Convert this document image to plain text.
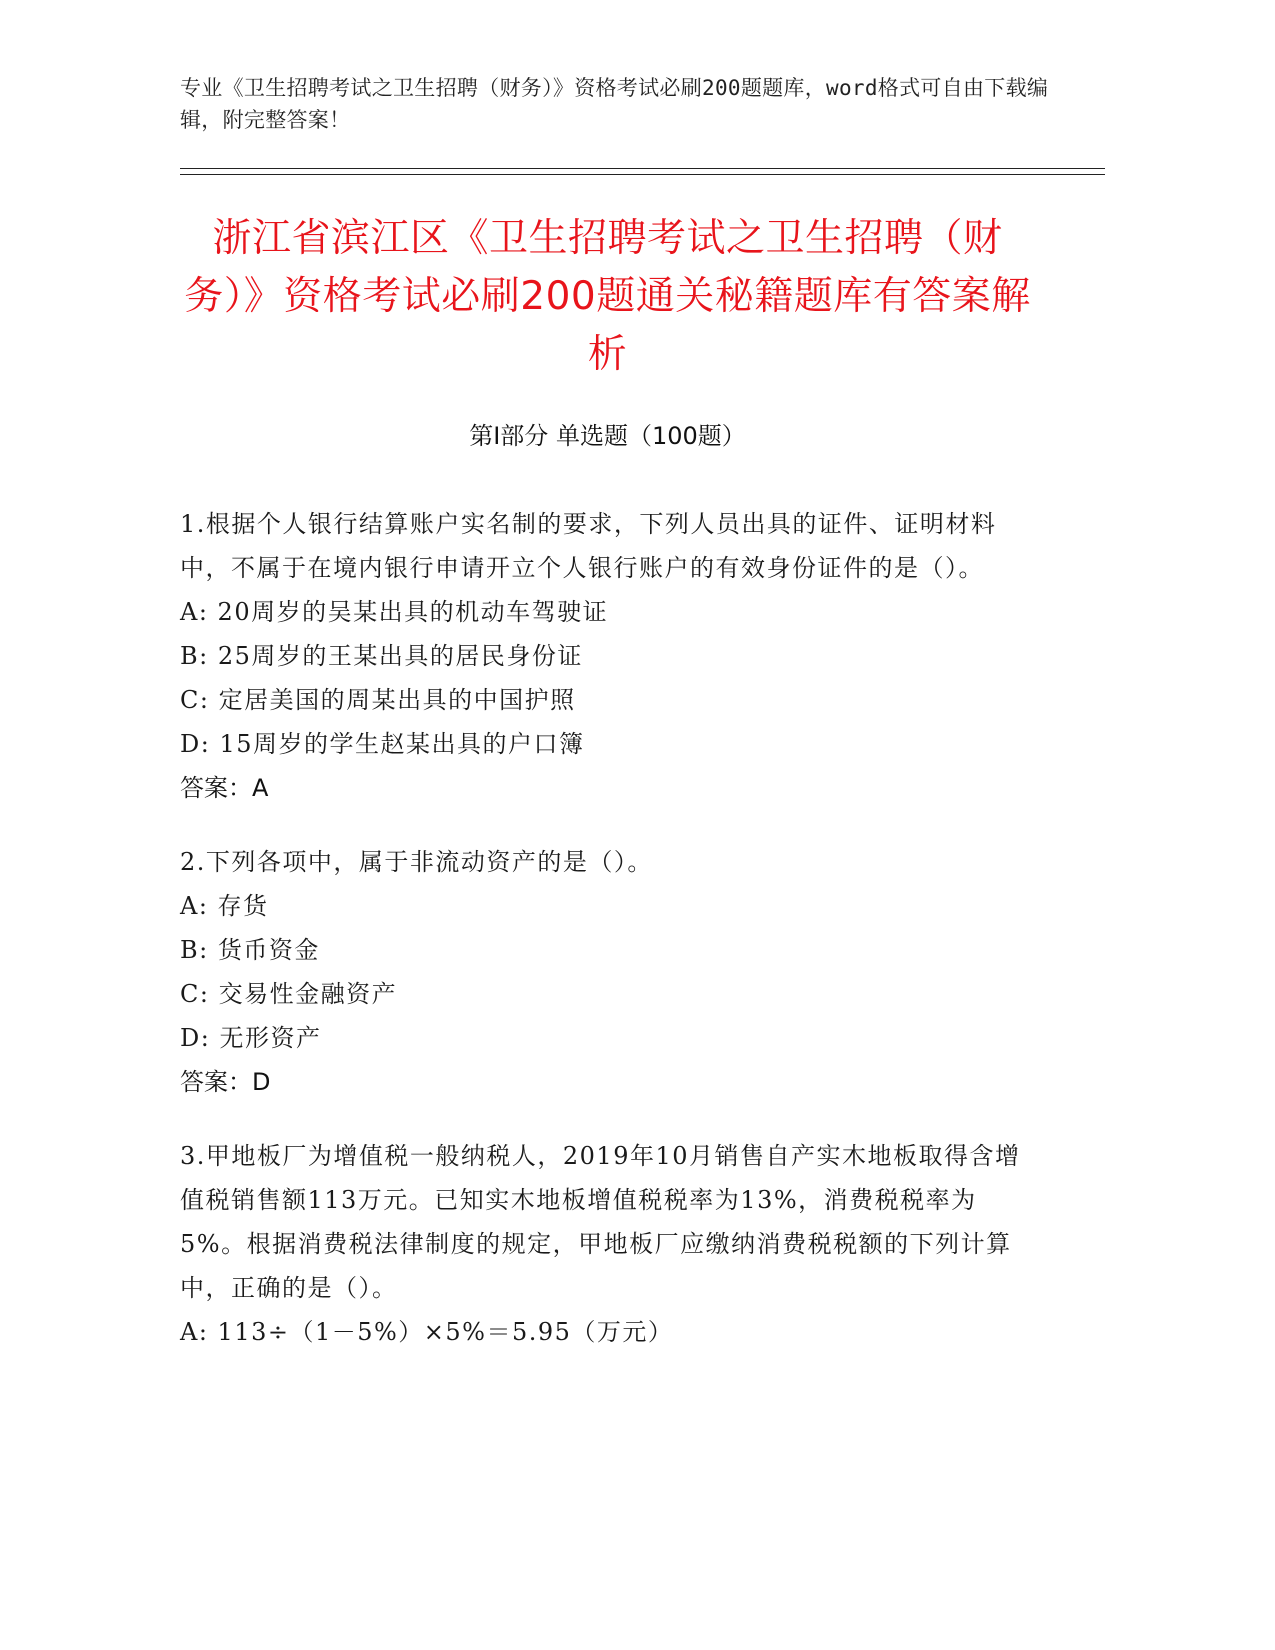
专业《卫生招聘考试之卫生招聘（财务）》资格考试必刷200题题库，word格式可自由下载编辑，附完整答案！
浙江省滨江区《卫生招聘考试之卫生招聘（财务）》资格考试必刷200题通关秘籍题库有答案解析
第Ⅰ部分 单选题（100题）
1.根据个人银行结算账户实名制的要求，下列人员出具的证件、证明材料中，不属于在境内银行申请开立个人银行账户的有效身份证件的是（）。
A: 20周岁的吴某出具的机动车驾驶证
B: 25周岁的王某出具的居民身份证
C: 定居美国的周某出具的中国护照
D: 15周岁的学生赵某出具的户口簿
答案：A
2.下列各项中，属于非流动资产的是（）。
A: 存货
B: 货币资金
C: 交易性金融资产
D: 无形资产
答案：D
3.甲地板厂为增值税一般纳税人，2019年10月销售自产实木地板取得含增值税销售额113万元。已知实木地板增值税税率为13%，消费税税率为5%。根据消费税法律制度的规定，甲地板厂应缴纳消费税税额的下列计算中，正确的是（）。
A: 113÷（1－5%）×5%＝5.95（万元）
